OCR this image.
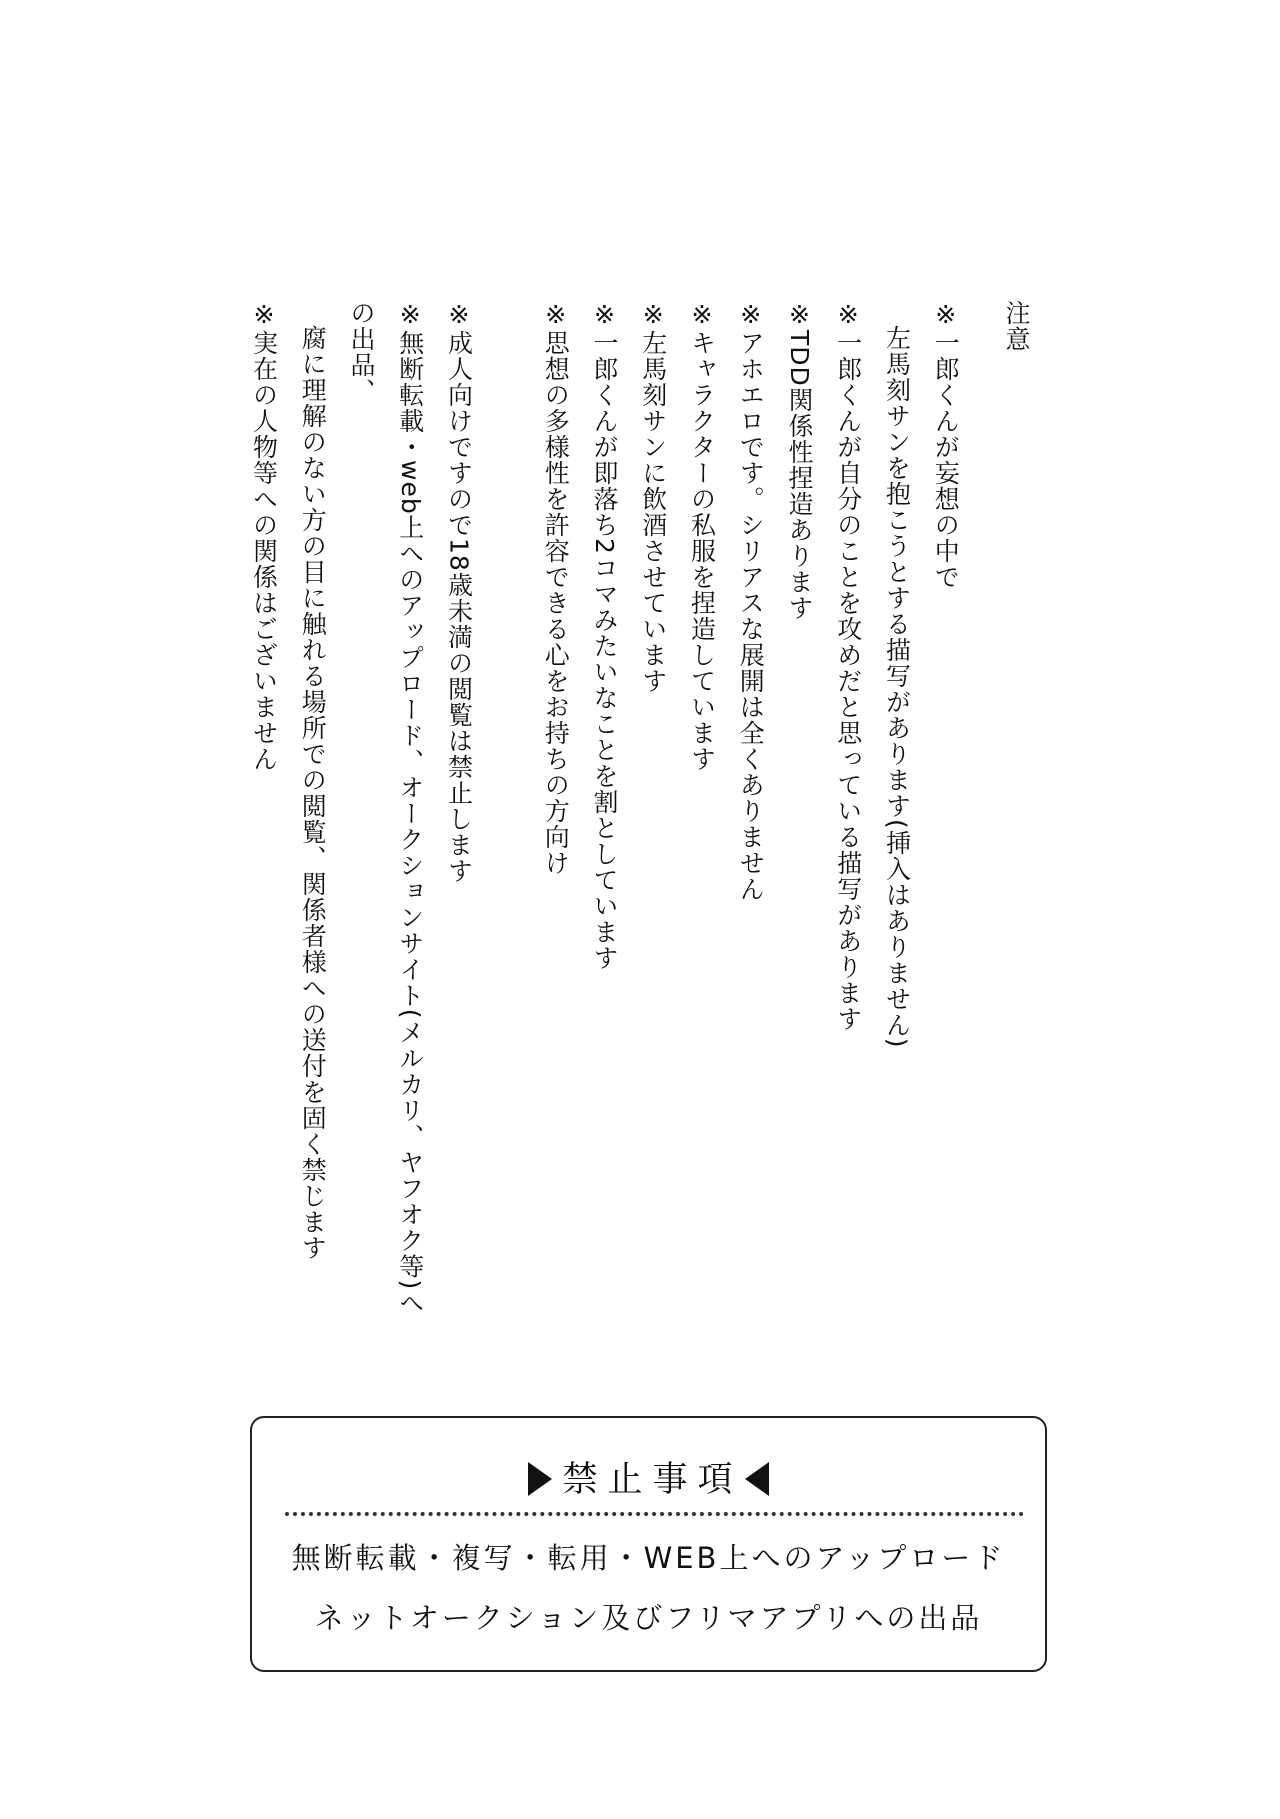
注意
※一郎くんが妄想の中で
左馬刻サンを抱こうとする描写があります(挿入はありません)
※一郎くんが自分のことを攻めだと思っている描写があります
※TDD関係性捏造あります
※アホエロです。シリアスな展開は全くありません
※キャラクターの私服を捏造しています
※左馬刻サンに飲酒させています
※一郎くんが即落ち2コマみたいなことを割としています
※思想の多様性を許容できる心をお持ちの方向け
※成人向けですので18歳未満の閲覧は禁止します
※無断転載・web上へのアップロード、オークションサイト(メルカリ、ヤフオク等)への出品、
腐に理解のない方の目に触れる場所での閲覧、関係者様への送付を固く禁じます
※実在の人物等への関係はございません
禁止事項
無断転載・複写・転用・WEB上へのアップロード
ネットオークション及びフリマアプリへの出品
